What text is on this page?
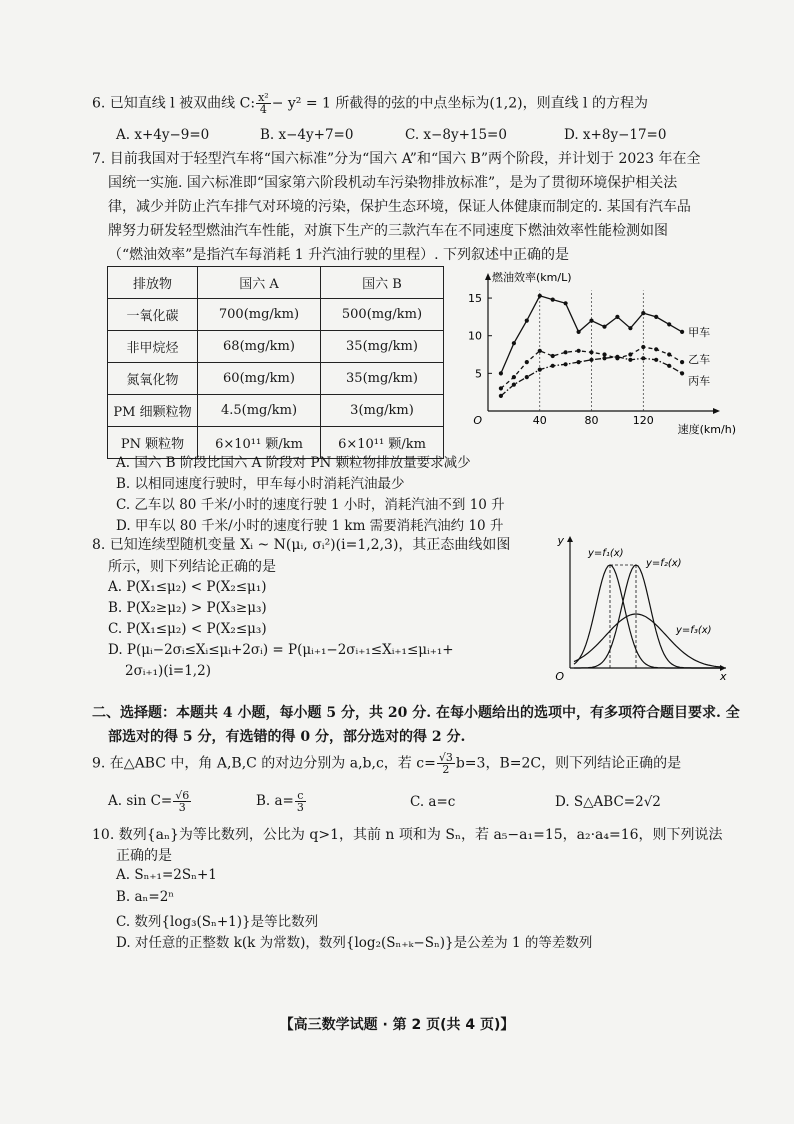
6. 已知直线 l 被双曲线 C: $\frac{\text{x²}}{4} - y^2 = 1$ 所截得的弦的中点坐标为(1,2)，则直线 l 的方程为
A. x+4y−9=0	B. x−4y+7=0	C. x−8y+15=0	D. x+8y−17=0
7. 目前我国对于轻型汽车将“国六标准”分为“国六 A”和“国六 B”两个阶段，并计划于 2023 年在全
国统一实施. 国六标准即“国家第六阶段机动车污染物排放标准”，是为了贯彻环境保护相关法
律，减少并防止汽车排气对环境的污染，保护生态环境，保证人体健康而制定的. 某国有汽车品
牌努力研发轻型燃油汽车性能，对旗下生产的三款汽车在不同速度下燃油效率性能检测如图
（“燃油效率”是指汽车每消耗 1 升汽油行驶的里程）. 下列叙述中正确的是
排放物	国六 A	国六 B
一氧化碳	700(mg/km)	500(mg/km)
非甲烷烃	68(mg/km)	35(mg/km)
氮氧化物	60(mg/km)	35(mg/km)
PM 细颗粒物	4.5(mg/km)	3(mg/km)
PN 颗粒物	6×10¹¹ 颗/km	6×10¹¹ 颗/km
40	80	120
5
10
15
O
甲车
乙车
丙车
燃油效率(km/L)
速度(km/h)
A. 国六 B 阶段比国六 A 阶段对 PN 颗粒物排放量要求减少
B. 以相同速度行驶时，甲车每小时消耗汽油最少
C. 乙车以 80 千米/小时的速度行驶 1 小时，消耗汽油不到 10 升
D. 甲车以 80 千米/小时的速度行驶 1 km 需要消耗汽油约 10 升
8. 已知连续型随机变量 Xᵢ ~ N(μᵢ, σᵢ²)(i=1,2,3)，其正态曲线如图
所示，则下列结论正确的是
A. P(X₁≤μ₂) < P(X₂≤μ₁)
B. P(X₂≥μ₂) > P(X₃≥μ₃)
C. P(X₁≤μ₂) < P(X₂≤μ₃)
D. P(μᵢ−2σᵢ≤Xᵢ≤μᵢ+2σᵢ) = P(μᵢ₊₁−2σᵢ₊₁≤Xᵢ₊₁≤μᵢ₊₁+
2σᵢ₊₁)(i=1,2)
y
x
O
y=f₁(x)
y=f₂(x)
y=f₃(x)
二、选择题：本题共 4 小题，每小题 5 分，共 20 分. 在每小题给出的选项中，有多项符合题目要求. 全
部选对的得 5 分，有选错的得 0 分，部分选对的得 2 分.
9. 在△ABC 中，角 A,B,C 的对边分别为 a,b,c，若 $c= \frac{√3}{2} b=3$，B=2C，则下列结论正确的是
A. $\sin C= \frac{√6}{3}$	B. $a= \frac{c}{3}$	C. a=c	D. S△ABC=2√2
10. 数列{aₙ}为等比数列，公比为 q>1，其前 n 项和为 Sₙ，若 a₅−a₁=15，a₂·a₄=16，则下列说法
正确的是
A. Sₙ₊₁=2Sₙ+1
B. aₙ=2ⁿ
C. 数列{log₃(Sₙ+1)}是等比数列
D. 对任意的正整数 k(k 为常数)，数列{log₂(Sₙ₊ₖ−Sₙ)}是公差为 1 的等差数列
【高三数学试题 · 第 2 页(共 4 页)】
